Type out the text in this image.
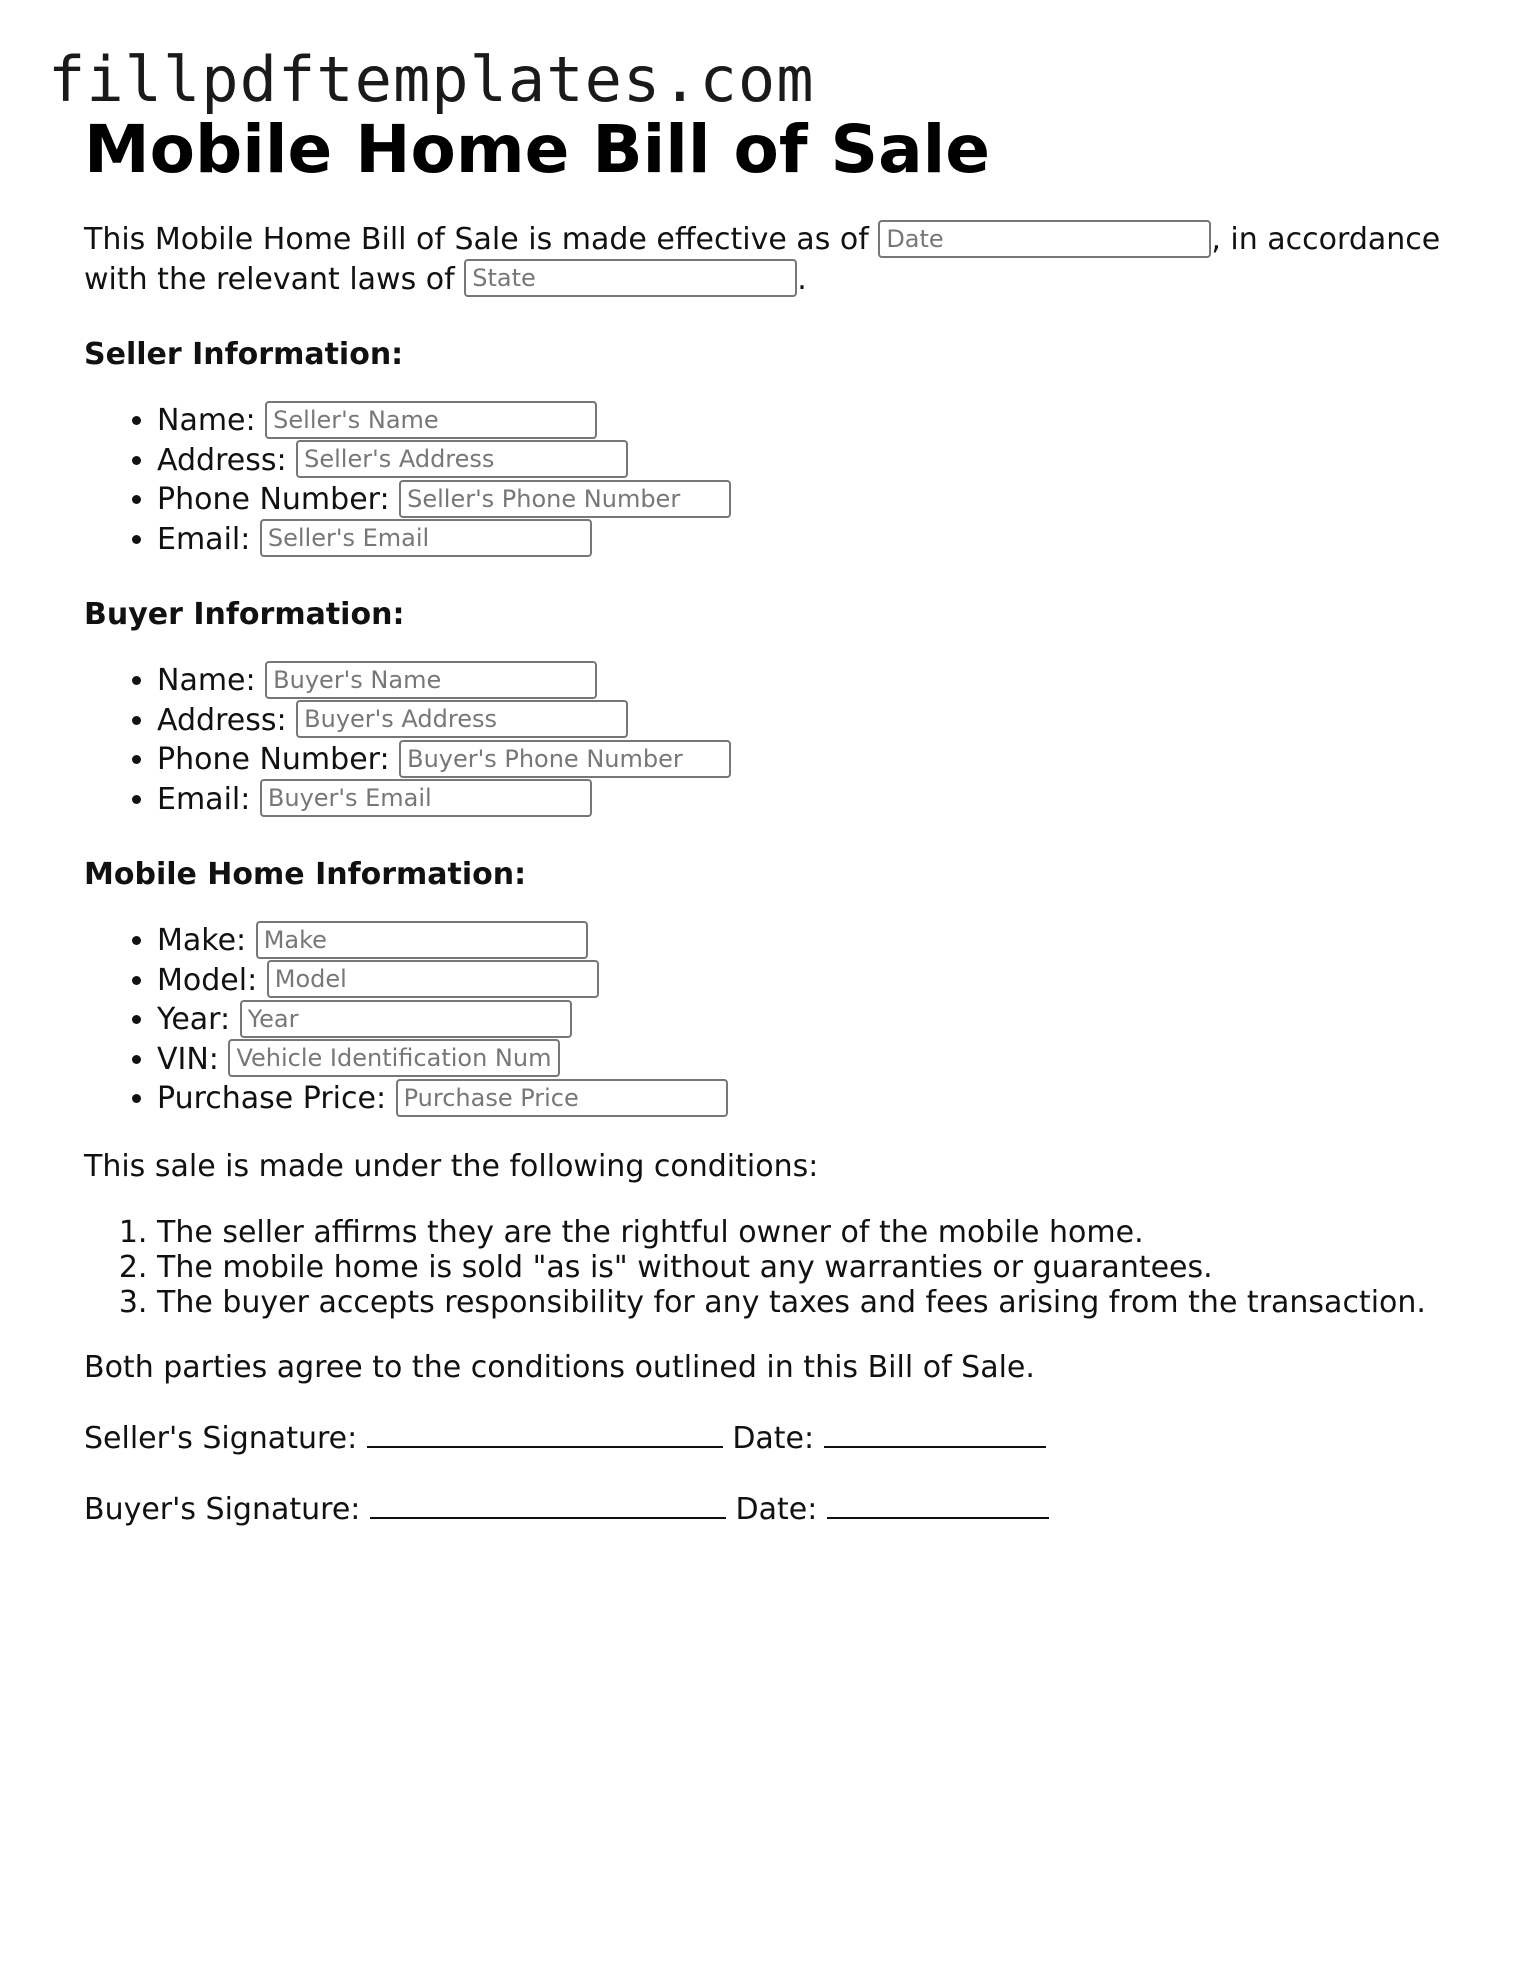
fillpdftemplates.com
Mobile Home Bill of Sale
This Mobile Home Bill of Sale is made effective as of Date	, in accordance
with the relevant laws of State	.
Seller Information:
• Name: Seller's Name
• Address: Seller's Address
• Phone Number: Seller's Phone Number
• Email: Seller's Email
Buyer Information:
• Name: Buyer's Name
• Address: Buyer's Address
• Phone Number: Buyer's Phone Number
• Email: Buyer's Email
Mobile Home Information:
• Make: Make
• Model: Model
• Year: Year
• VIN: Vehicle Identification Number
• Purchase Price: Purchase Price

This sale is made under the following conditions:

1. The seller affirms they are the rightful owner of the mobile home.
2. The mobile home is sold "as is" without any warranties or guarantees.
3. The buyer accepts responsibility for any taxes and fees arising from the transaction.

Both parties agree to the conditions outlined in this Bill of Sale.

Seller's Signature:	Date:
Buyer's Signature:	Date:
